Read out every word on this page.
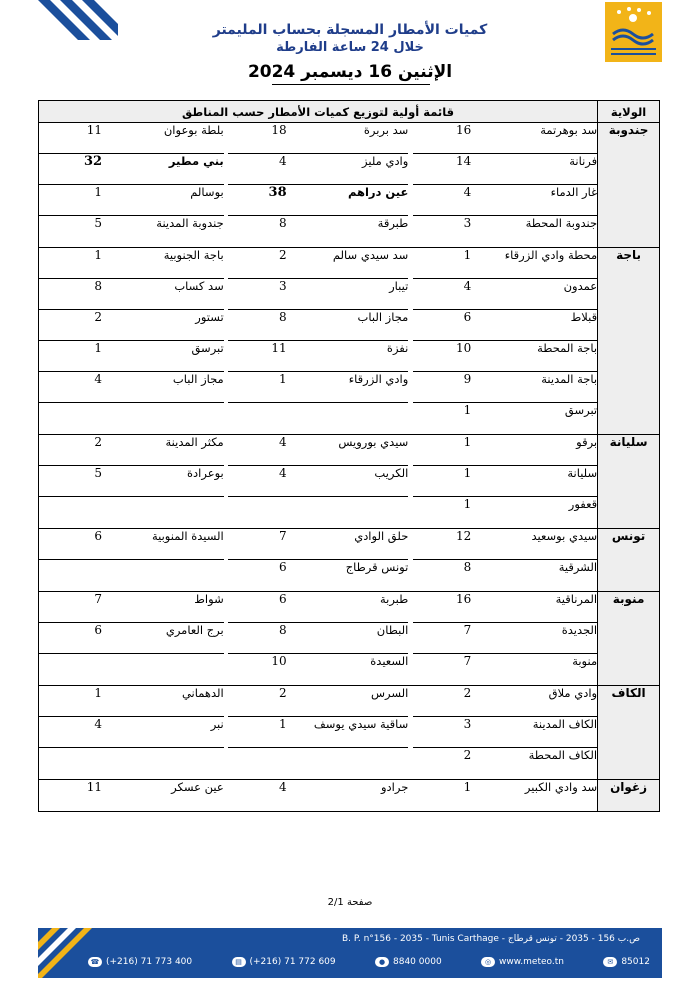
كميات الأمطار المسجلة بحساب المليمتر
خلال 24 ساعة الفارطة
الإثنين 16 ديسمبر 2024
الولاية	قائمة أولية لتوزيع كميات الأمطار حسب المناطق							
جندوبة	سد بوهرتمة	16		سد بربرة	18		بلطة بوعوان	11

	فرنانة	14		وادي مليز	4		بني مطير	32

	غار الدماء	4		عين دراهم	38		بوسالم	1

	جندوبة المحطة	3		طبرقة	8		جندوبة المدينة	5
باجة	محطة وادي الزرقاء	1		سد سيدي سالم	2		باجة الجنوبية	1

	عمدون	4		تيبار	3		سد كساب	8

	قبلاط	6		مجاز الباب	8		تستور	2

	باجة المحطة	10		نفزة	11		تبرسق	1

	باجة المدينة	9		وادي الزرقاء	1		مجاز الباب	4

	تبرسق	1						
سليانة	برقو	1		سيدي بورويس	4		مكثر المدينة	2

	سليانة	1		الكريب	4		بوعرادة	5

	قعفور	1						
تونس	سيدي بوسعيد	12		حلق الوادي	7		السيدة المنوبية	6

	الشرقية	8		تونس قرطاج	6			
منوبة	المرناقية	16		طبربة	6		شواط	7

	الجديدة	7		البطان	8		برج العامري	6

	منوبة	7		السعيدة	10			
الكاف	وادي ملاق	2		السرس	2		الدهماني	1

	الكاف المدينة	3		ساقية سيدي يوسف	1		نبر	4

	الكاف المحطة	2						
زغوان	سد وادي الكبير	1		جرادو	4		عين عسكر	11
صفحة 2/1
B. P. n°156 - 2035 - Tunis Carthage - ص.ب 156 - 2035 - تونس قرطاج
☎ (+216) 71 773 400	▤ (+216) 71 772 609	● 8840 0000	◎ www.meteo.tn	✉ 85012
